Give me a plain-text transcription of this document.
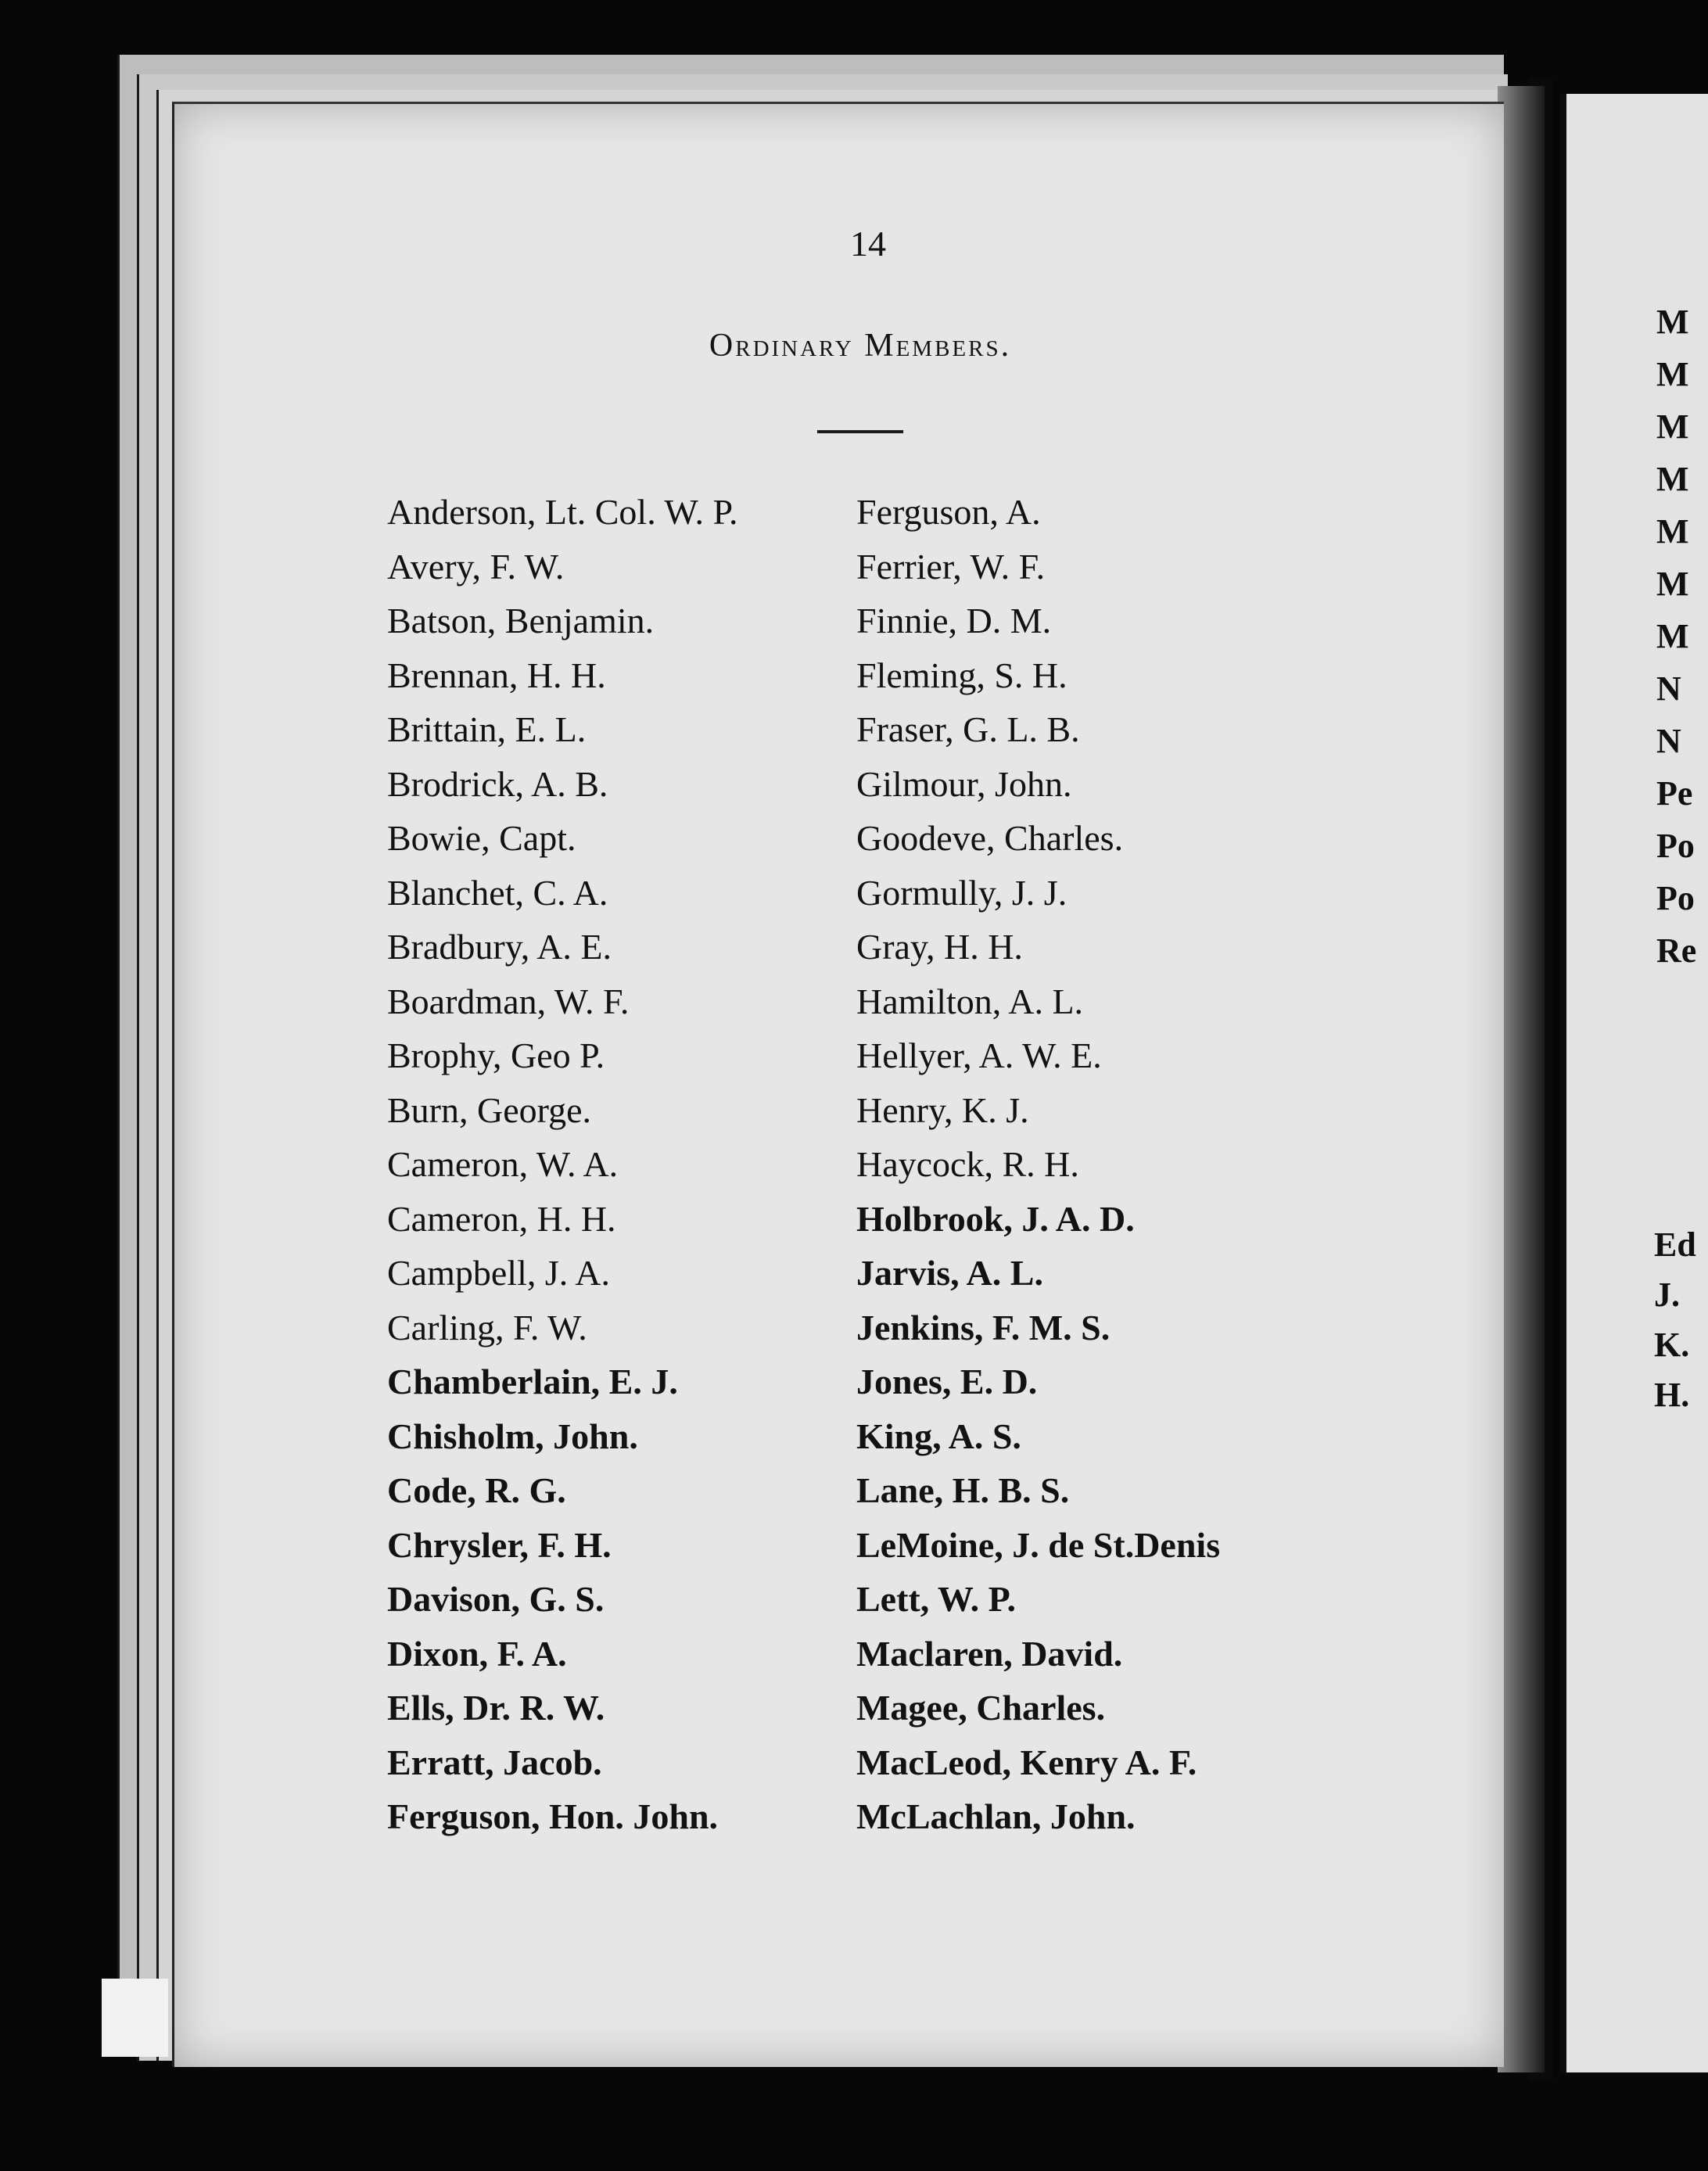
14
Ordinary Members.
Anderson, Lt. Col. W. P.
Avery, F. W.
Batson, Benjamin.
Brennan, H. H.
Brittain, E. L.
Brodrick, A. B.
Bowie, Capt.
Blanchet, C. A.
Bradbury, A. E.
Boardman, W. F.
Brophy, Geo P.
Burn, George.
Cameron, W. A.
Cameron, H. H.
Campbell, J. A.
Carling, F. W.
Chamberlain, E. J.
Chisholm, John.
Code, R. G.
Chrysler, F. H.
Davison, G. S.
Dixon, F. A.
Ells, Dr. R. W.
Erratt, Jacob.
Ferguson, Hon. John.
Ferguson, A.
Ferrier, W. F.
Finnie, D. M.
Fleming, S. H.
Fraser, G. L. B.
Gilmour, John.
Goodeve, Charles.
Gormully, J. J.
Gray, H. H.
Hamilton, A. L.
Hellyer, A. W. E.
Henry, K. J.
Haycock, R. H.
Holbrook, J. A. D.
Jarvis, A. L.
Jenkins, F. M. S.
Jones, E. D.
King, A. S.
Lane, H. B. S.
LeMoine, J. de St.Denis
Lett, W. P.
Maclaren, David.
Magee, Charles.
MacLeod, Kenry A. F.
McLachlan, John.
M
M
M
M
M
M
M
N
N
Pe
Po
Po
Re
Ed
J.
K.
H.
